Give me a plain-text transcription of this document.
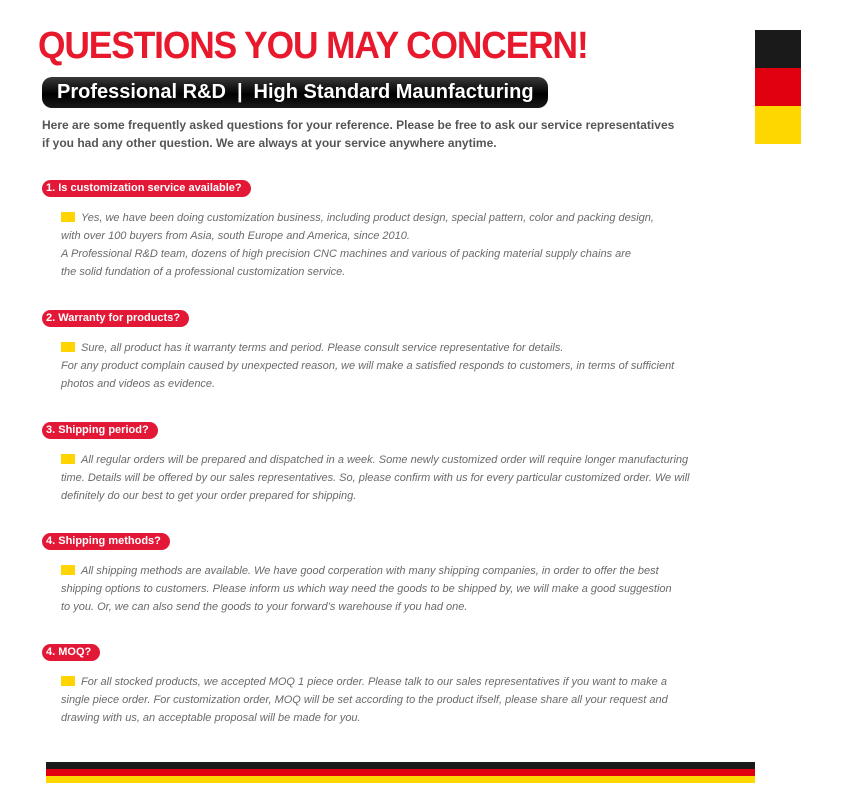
QUESTIONS YOU MAY CONCERN!
Professional R&D | High Standard Maunfacturing

Here are some frequently asked questions for your reference. Please be free to ask our service representatives
if you had any other question. We are always at your service anywhere anytime.

1. Is customization service available?

Yes, we have been doing customization business, including product design, special pattern, color and packing design,

with over 100 buyers from Asia, south Europe and America, since 2010.

A Professional R&D team, dozens of high precision CNC machines and various of packing material supply chains are

the solid fundation of a professional customization service.

2. Warranty for products?

Sure, all product has it warranty terms and period. Please consult service representative for details.

For any product complain caused by unexpected reason, we will make a satisfied responds to customers, in terms of sufficient

photos and videos as evidence.

3. Shipping period?

All regular orders will be prepared and dispatched in a week. Some newly customized order will require longer manufacturing

time. Details will be offered by our sales representatives. So, please confirm with us for every particular customized order. We will

definitely do our best to get your order prepared for shipping.

4. Shipping methods?

All shipping methods are available. We have good corperation with many shipping companies, in order to offer the best

shipping options to customers. Please inform us which way need the goods to be shipped by, we will make a good suggestion

to you. Or, we can also send the goods to your forward’s warehouse if you had one.

4. MOQ?

For all stocked products, we accepted MOQ 1 piece order. Please talk to our sales representatives if you want to make a

single piece order. For customization order, MOQ will be set according to the product ifself, please share all your request and

drawing with us, an acceptable proposal will be made for you.
